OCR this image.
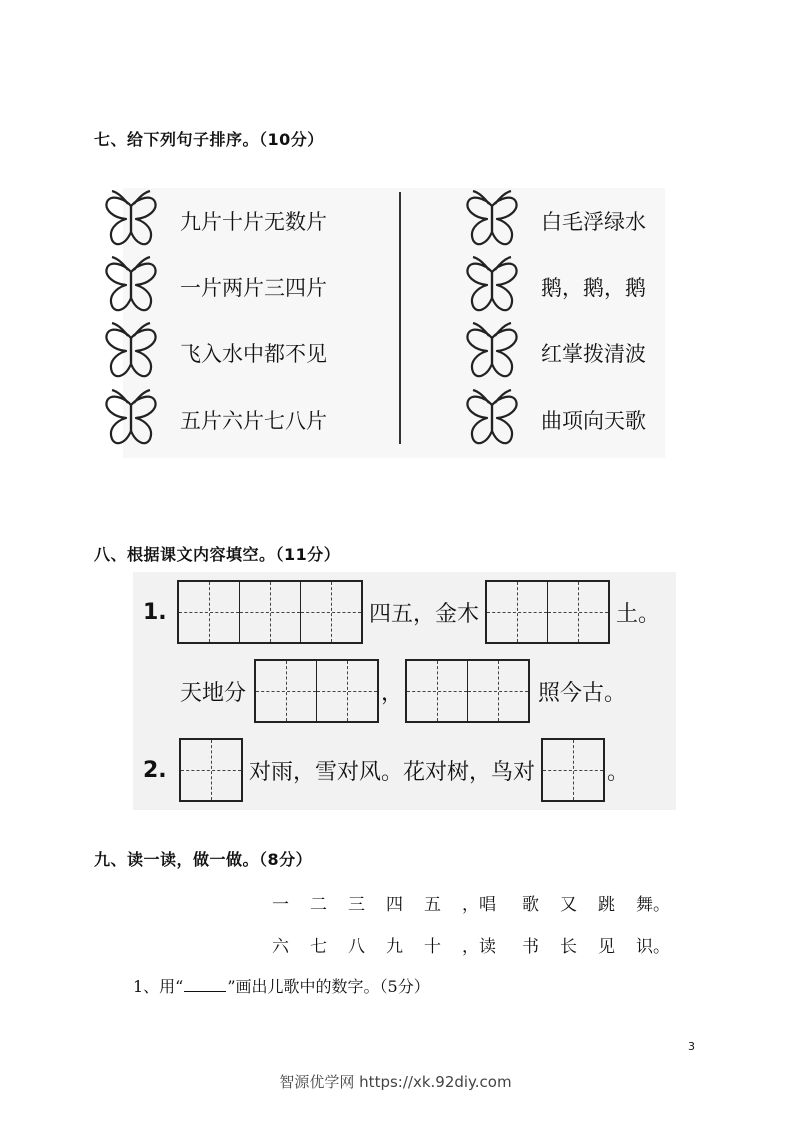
七、给下列句子排序。（10分）
九片十片无数片
一片两片三四片
飞入水中都不见
五片六片七八片
白毛浮绿水
鹅，鹅，鹅
红掌拨清波
曲项向天歌
八、根据课文内容填空。（11分）
1.	四五，金木	土。
天地分	，	照今古。
2.	对雨，雪对风。花对树，鸟对	。
九、读一读，做一做。（8分）
一 二 三 四 五 ，唱 歌 又 跳 舞。
六 七 八 九 十 ，读 书 长 见 识。
1、用“	”画出儿歌中的数字。（5分）
3
智源优学网 https://xk.92diy.com
